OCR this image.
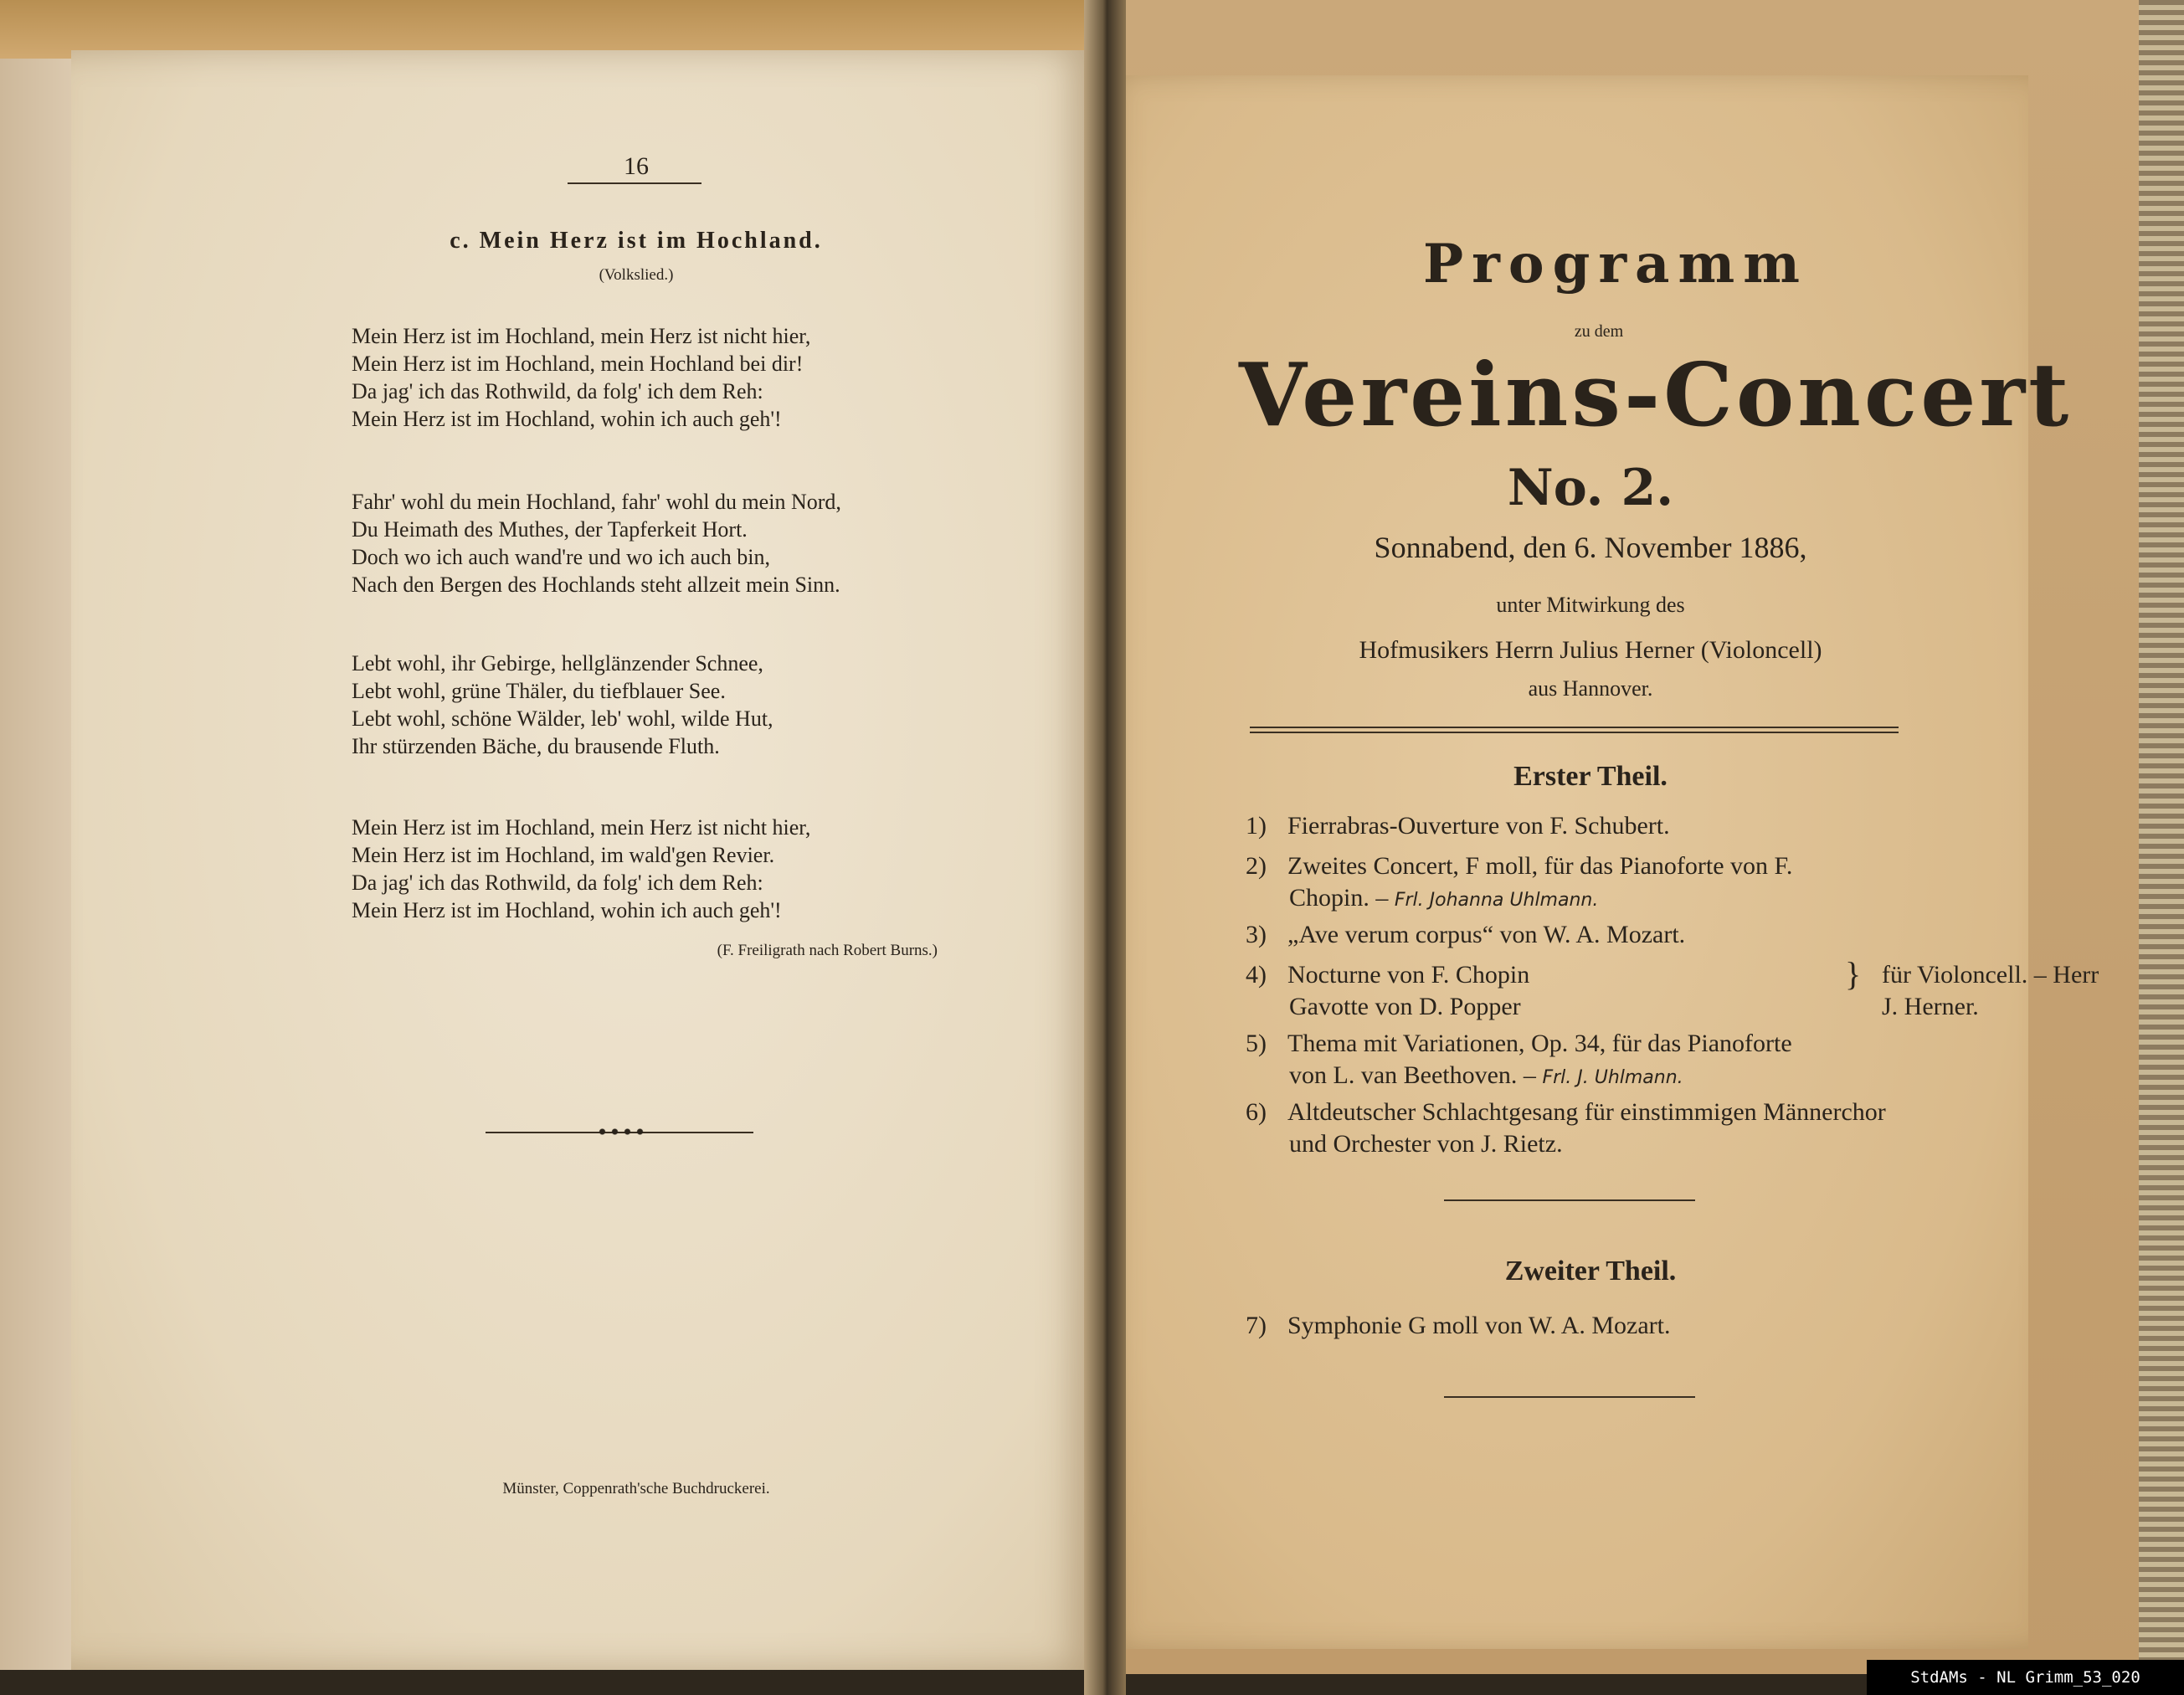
16
c. Mein Herz ist im Hochland.
(Volkslied.)
Mein Herz ist im Hochland, mein Herz ist nicht hier,
Mein Herz ist im Hochland, mein Hochland bei dir!
Da jag' ich das Rothwild, da folg' ich dem Reh:
Mein Herz ist im Hochland, wohin ich auch geh'!
Fahr' wohl du mein Hochland, fahr' wohl du mein Nord,
Du Heimath des Muthes, der Tapferkeit Hort.
Doch wo ich auch wand're und wo ich auch bin,
Nach den Bergen des Hochlands steht allzeit mein Sinn.
Lebt wohl, ihr Gebirge, hellglänzender Schnee,
Lebt wohl, grüne Thäler, du tiefblauer See.
Lebt wohl, schöne Wälder, leb' wohl, wilde Hut,
Ihr stürzenden Bäche, du brausende Fluth.
Mein Herz ist im Hochland, mein Herz ist nicht hier,
Mein Herz ist im Hochland, im wald'gen Revier.
Da jag' ich das Rothwild, da folg' ich dem Reh:
Mein Herz ist im Hochland, wohin ich auch geh'!
(F. Freiligrath nach Robert Burns.)
Münster, Coppenrath'sche Buchdruckerei.
Programm
zu dem
Vereins-Concert
No. 2.
Sonnabend, den 6. November 1886,
unter Mitwirkung des
Hofmusikers Herrn Julius Herner (Violoncell)
aus Hannover.
Erster Theil.
1) Fierrabras-Ouverture von F. Schubert.
2) Zweites Concert, F moll, für das Pianoforte von F.
Chopin. – Frl. Johanna Uhlmann.
3) „Ave verum corpus“ von W. A. Mozart.
4) Nocturne von F. Chopin	für Violoncell. – Herr
Gavotte von D. Popper	J. Herner.
}
5) Thema mit Variationen, Op. 34, für das Pianoforte
von L. van Beethoven. – Frl. J. Uhlmann.
6) Altdeutscher Schlachtgesang für einstimmigen Männerchor
und Orchester von J. Rietz.
Zweiter Theil.
7) Symphonie G moll von W. A. Mozart.
StdAMs - NL Grimm_53_020
